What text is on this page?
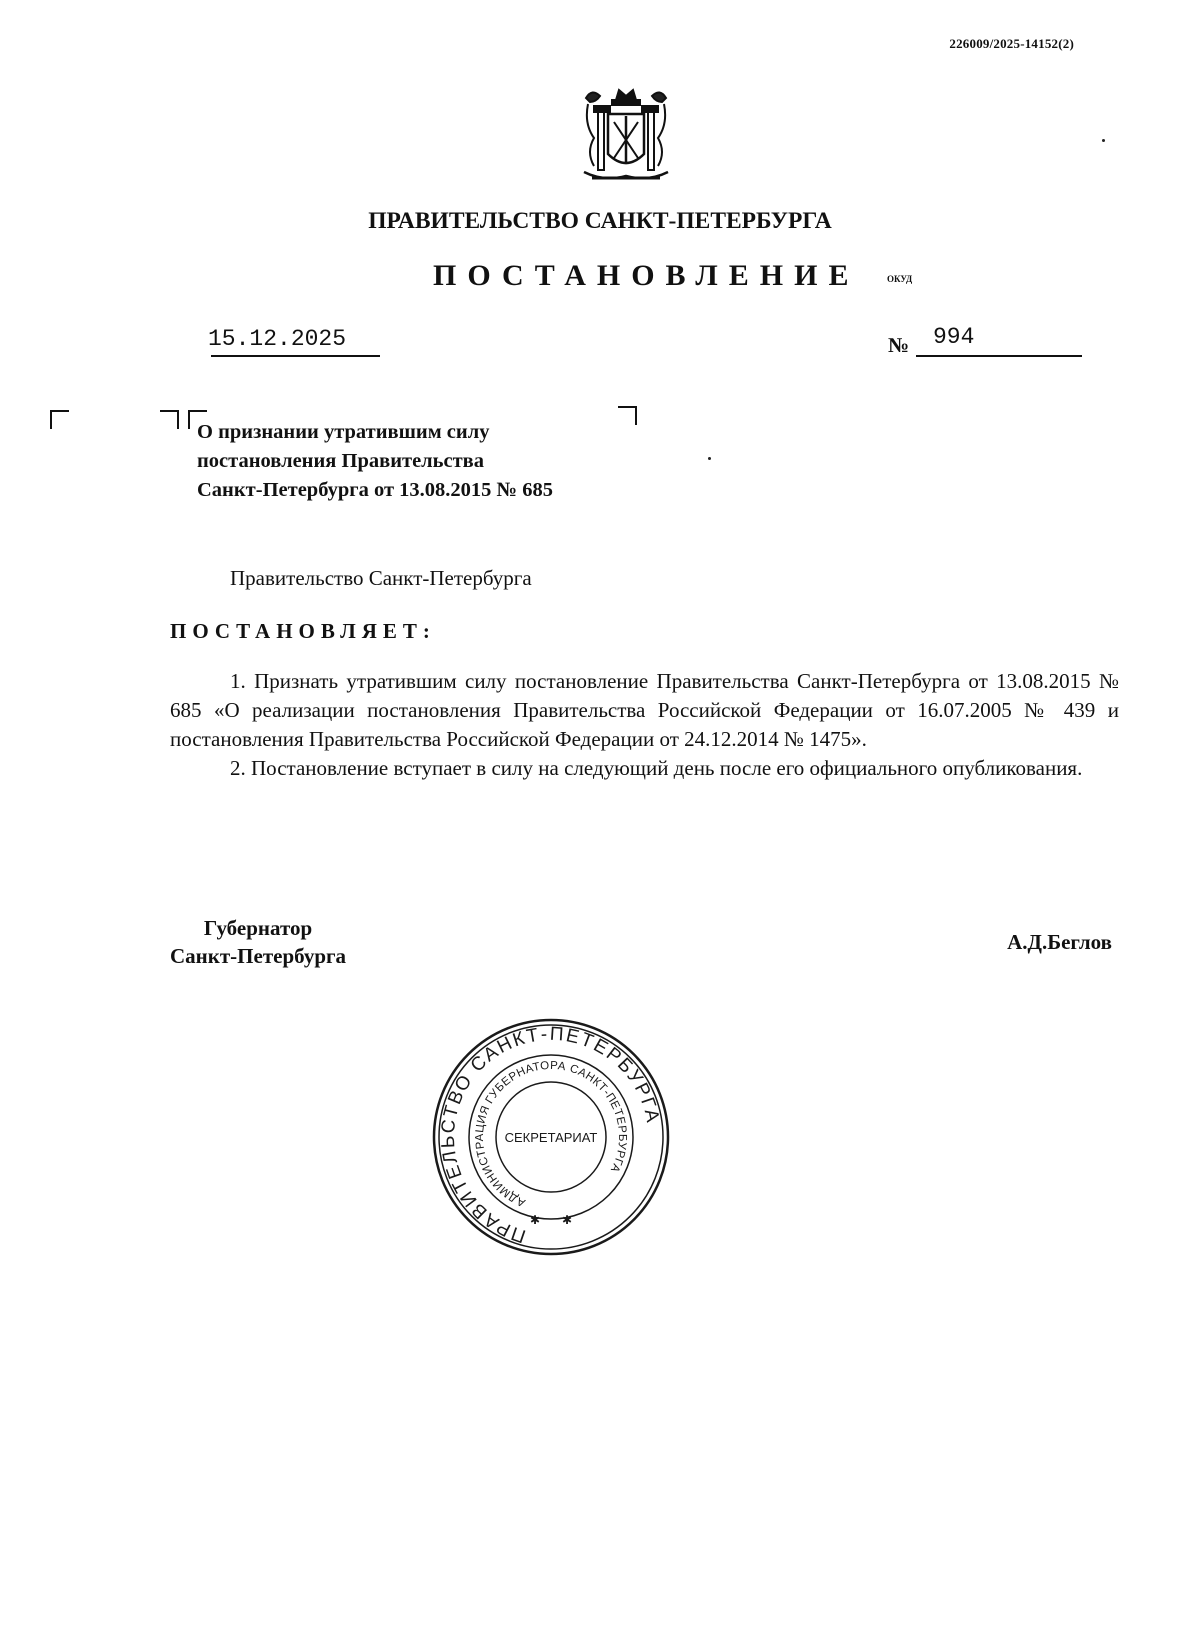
226009/2025-14152(2)
ПРАВИТЕЛЬСТВО САНКТ-ПЕТЕРБУРГА
ПОСТАНОВЛЕНИЕ	ОКУД
15.12.2025	№ 994
О признании утратившим силу
постановления Правительства
Санкт-Петербурга от 13.08.2015 № 685
Правительство Санкт-Петербурга
ПОСТАНОВЛЯЕТ:

1. Признать утратившим силу постановление Правительства Санкт-Петербурга от 13.08.2015 № 685 «О реализации постановления Правительства Российской Федерации от 16.07.2005 № 439 и постановления Правительства Российской Федерации от 24.12.2014 № 1475».

2. Постановление вступает в силу на следующий день после его официального опубликования.

Губернатор
Санкт-Петербурга
А.Д.Беглов
ПРАВИТЕЛЬСТВО САНКТ-ПЕТЕРБУРГА
АДМИНИСТРАЦИЯ ГУБЕРНАТОРА САНКТ-ПЕТЕРБУРГА
СЕКРЕТАРИАТ
✱ ✱
